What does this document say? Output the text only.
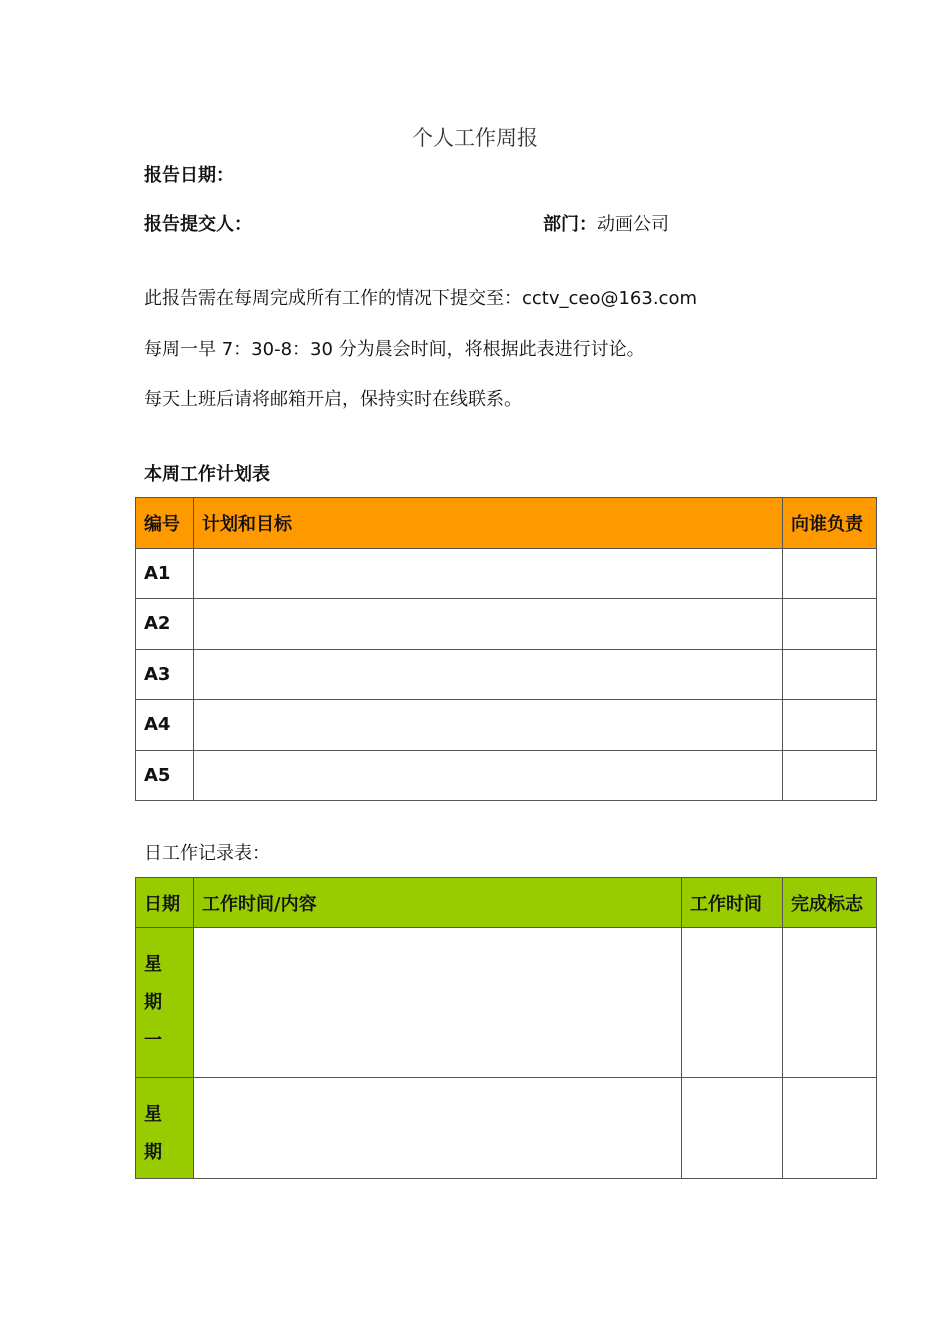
个人工作周报
报告日期：
报告提交人：	部门：动画公司
此报告需在每周完成所有工作的情况下提交至：cctv_ceo@163.com
每周一早 7：30-8：30 分为晨会时间，将根据此表进行讨论。
每天上班后请将邮箱开启，保持实时在线联系。
本周工作计划表
编号	计划和目标	向谁负责
A1		
A2		
A3		
A4		
A5		
日工作记录表：
日期	工作时间/内容	工作时间	完成标志

星
期
一			

星
期			
